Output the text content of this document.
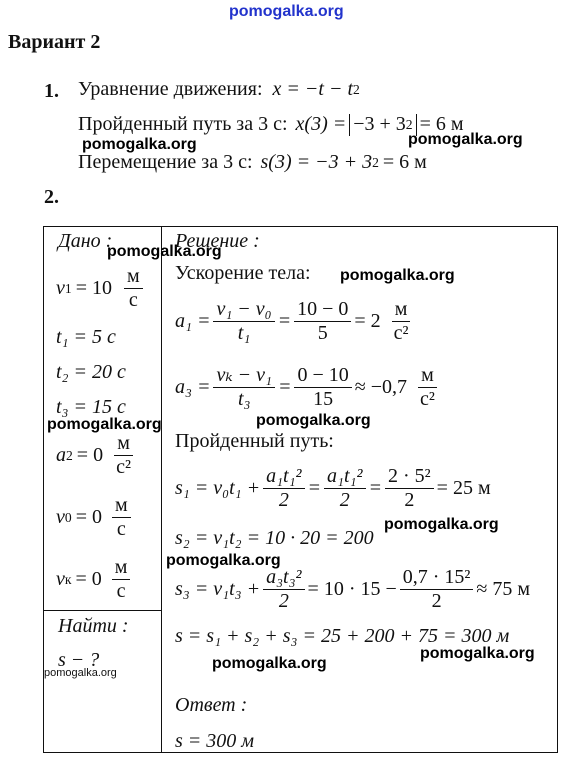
pomogalka.org
Вариант 2
1. Уравнение движения: x = −t − t 2
Пройденный путь за 3 с: x(3) = −3 + 3 2 = 6 м
Перемещение за 3 с: s(3) = −3 + 3 2 = 6 м
pomogalka.org
pomogalka.org
2.
Дано :
pomogalka.org
v $1 = 10 \frac{м}{с}$
t₁ = 5 с
t₂ = 20 с
t₃ = 15 с
pomogalka.org
a $2 = 0 \frac{м}{\text{с²}}$
v $0 = 0 \frac{м}{с}$
v $к = 0 \frac{м}{с}$
Найти :
s − ?
pomogalka.org
Решение :
Ускорение тела: pomogalka.org
$a_1 = \frac{\text{v₁ − v₀}}{\text{t₁}} = \frac{10 - 0}{5} = 2 \frac{м}{\text{с²}}$
$a_3 = \frac{\text{vₖ − v₁}}{\text{t₃}} = \frac{0 - 10}{15} \approx -0,7 \frac{м}{\text{с²}}$
pomogalka.org
Пройденный путь:
$s_1 = v_0t_1 + \frac{\text{a₁t₁²}}{2} = \frac{\text{a₁t₁²}}{2} = \frac{\text{2 · 5²}}{2} = 25$ м
pomogalka.org
s₂ = v₁t₂ = 10 · 20 = 200
pomogalka.org
$s_3 = v_1t_3 + \frac{\text{a₃t₃²}}{2} = 10 \cdot 15 - \frac{\text{0,7 · 15²}}{2} \approx 75$ м
s = s₁ + s₂ + s₃ = 25 + 200 + 75 = 300 м
pomogalka.org
pomogalka.org
Ответ :
s = 300 м
